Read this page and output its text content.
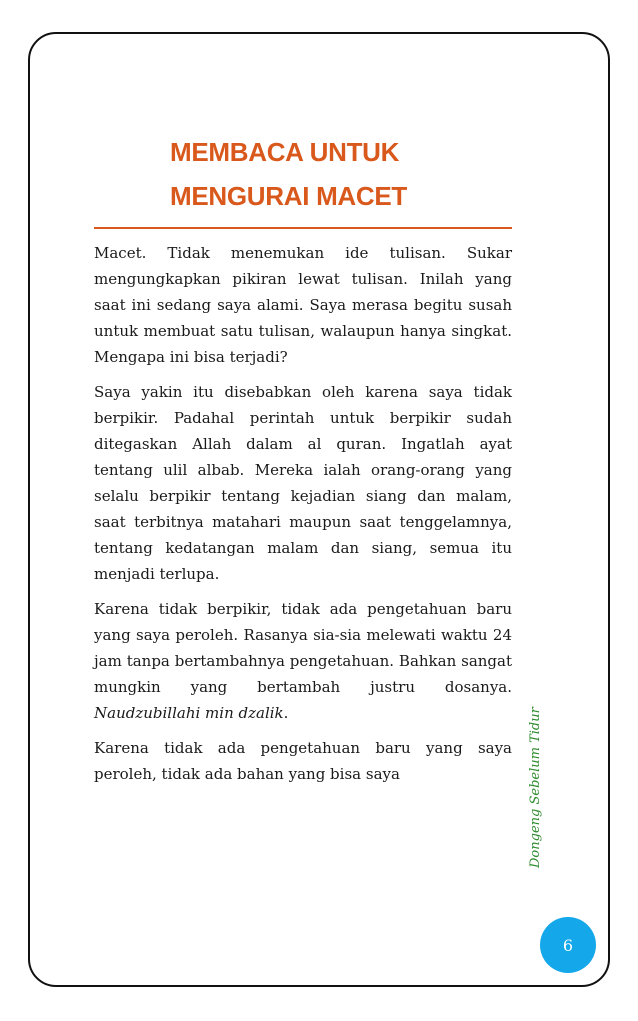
MEMBACA UNTUK
MENGURAI MACET

Macet. Tidak menemukan ide tulisan. Sukar mengungkapkan pikiran lewat tulisan. Inilah yang saat ini sedang saya alami. Saya merasa begitu susah untuk membuat satu tulisan, walaupun hanya singkat. Mengapa ini bisa terjadi?

Saya yakin itu disebabkan oleh karena saya tidak berpikir. Padahal perintah untuk berpikir sudah ditegaskan Allah dalam al quran. Ingatlah ayat tentang ulil albab. Mereka ialah orang-orang yang selalu berpikir tentang kejadian siang dan malam, saat terbitnya matahari maupun saat tenggelamnya, tentang kedatangan malam dan siang, semua itu menjadi terlupa.

Karena tidak berpikir, tidak ada pengetahuan baru yang saya peroleh. Rasanya sia-sia melewati waktu 24 jam tanpa bertambahnya pengetahuan. Bahkan sangat mungkin yang bertambah justru dosanya. Naudzubillahi min dzalik.

Karena tidak ada pengetahuan baru yang saya peroleh, tidak ada bahan yang bisa saya	Dongeng Sebelum Tidur
6
